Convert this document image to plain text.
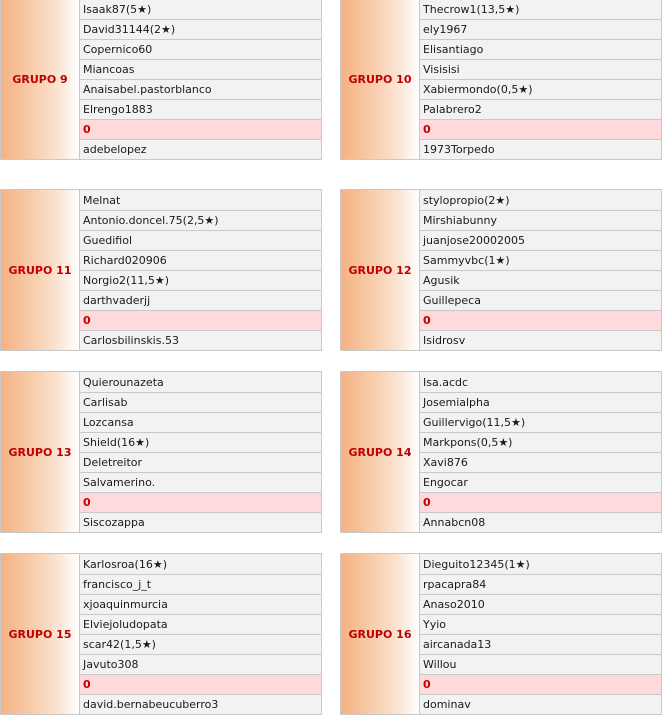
GRUPO 9
Isaak87(5★)
David31144(2★)
Copernico60
Miancoas
Anaisabel.pastorblanco
Elrengo1883
0
adebelopez
GRUPO 10
Thecrow1(13,5★)
ely1967
Elisantiago
Visisisi
Xabiermondo(0,5★)
Palabrero2
0
1973Torpedo
GRUPO 11
Melnat
Antonio.doncel.75(2,5★)
Guedifiol
Richard020906
Norgio2(11,5★)
darthvaderjj
0
Carlosbilinskis.53
GRUPO 12
stylopropio(2★)
Mirshiabunny
juanjose20002005
Sammyvbc(1★)
Agusik
Guillepeca
0
Isidrosv
GRUPO 13
Quierounazeta
Carlisab
Lozcansa
Shield(16★)
Deletreitor
Salvamerino.
0
Siscozappa
GRUPO 14
Isa.acdc
Josemialpha
Guillervigo(11,5★)
Markpons(0,5★)
Xavi876
Engocar
0
Annabcn08
GRUPO 15
Karlosroa(16★)
francisco_j_t
xjoaquinmurcia
Elviejoludopata
scar42(1,5★)
Javuto308
0
david.bernabeucuberro3
GRUPO 16
Dieguito12345(1★)
rpacapra84
Anaso2010
Yyio
aircanada13
Willou
0
dominav
